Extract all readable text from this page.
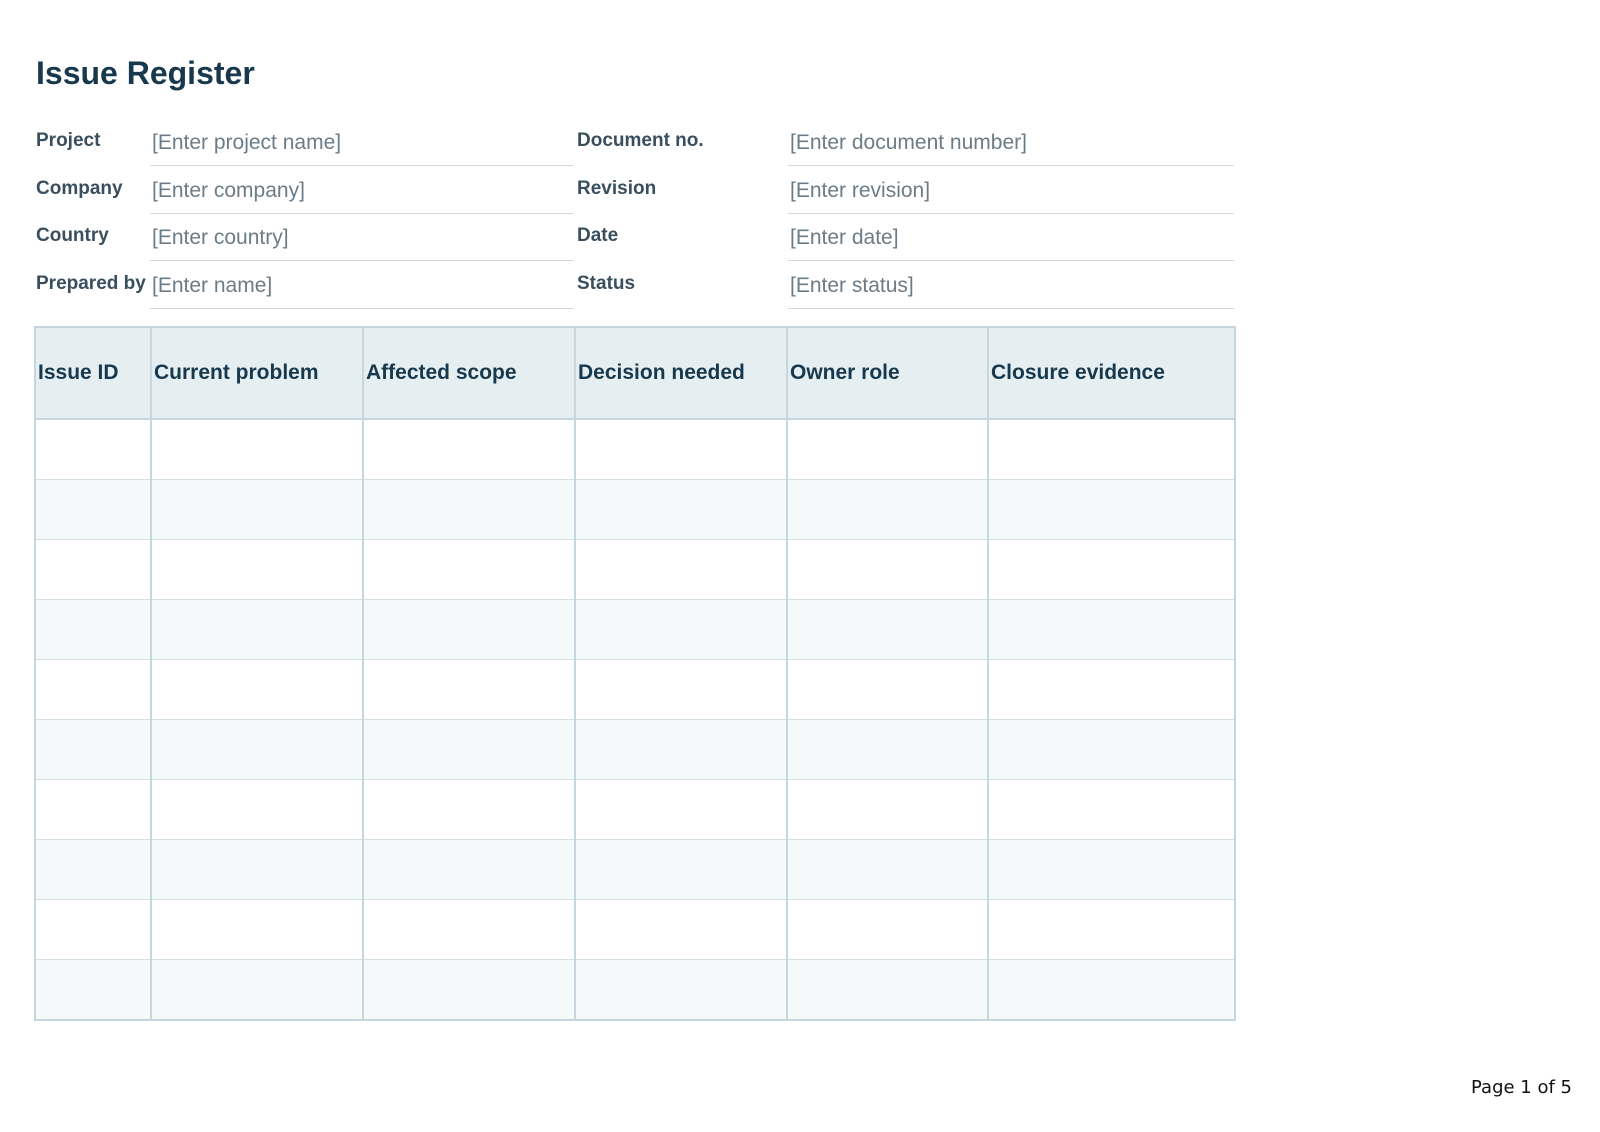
Issue Register
Project [Enter project name]	Document no.	[Enter document number]
Company [Enter company]	Revision	[Enter revision]
Country [Enter country]	Date	[Enter date]
Prepared by [Enter name]	Status	[Enter status]
Issue ID	Current problem	Affected scope	Decision needed	Owner role	Closure evidence

Page 1 of 5
